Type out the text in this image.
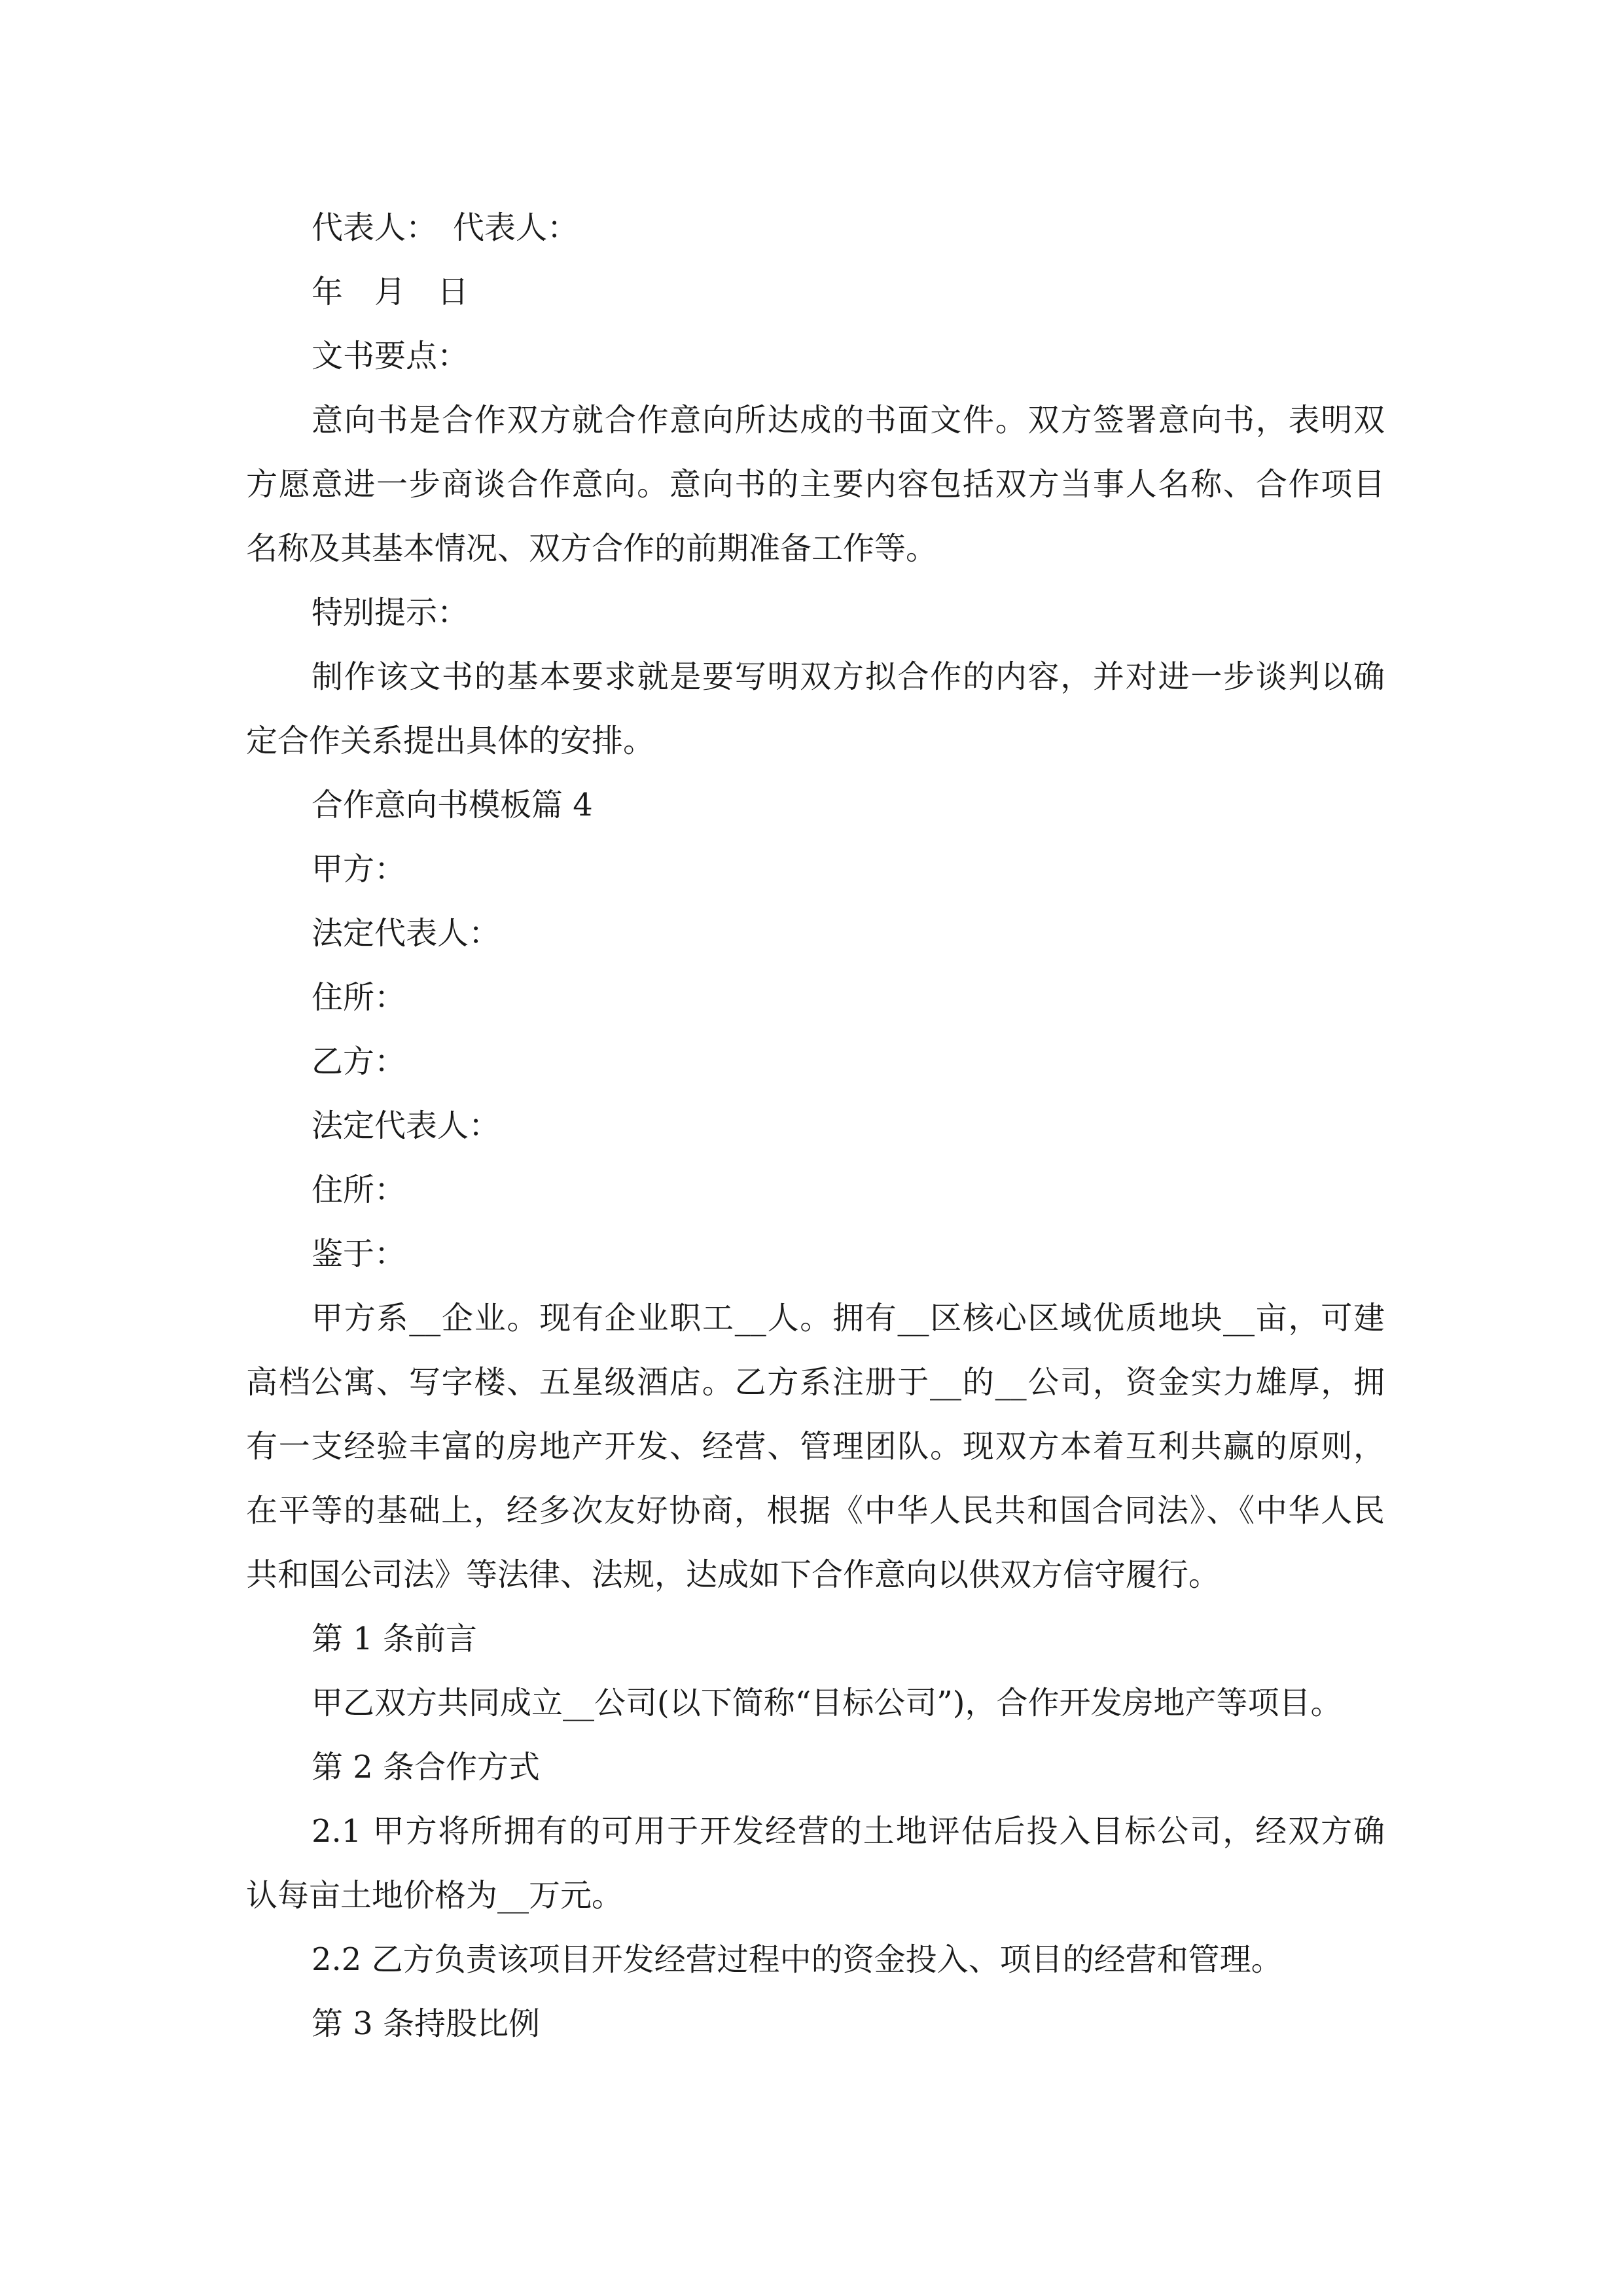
代表人：　代表人：
年　月　日
文书要点：
意向书是合作双方就合作意向所达成的书面文件。双方签署意向书，表明双
方愿意进一步商谈合作意向。意向书的主要内容包括双方当事人名称、合作项目
名称及其基本情况、双方合作的前期准备工作等。
特别提示：
制作该文书的基本要求就是要写明双方拟合作的内容，并对进一步谈判以确
定合作关系提出具体的安排。
合作意向书模板篇 4
甲方：
法定代表人：
住所：
乙方：
法定代表人：
住所：
鉴于：
甲方系__企业。现有企业职工__人。拥有__区核心区域优质地块__亩，可建
高档公寓、写字楼、五星级酒店。乙方系注册于__的__公司，资金实力雄厚，拥
有一支经验丰富的房地产开发、经营、管理团队。现双方本着互利共赢的原则，
在平等的基础上，经多次友好协商，根据《中华人民共和国合同法》、《中华人民
共和国公司法》等法律、法规，达成如下合作意向以供双方信守履行。
第 1 条前言
甲乙双方共同成立__公司(以下简称“目标公司”)，合作开发房地产等项目。
第 2 条合作方式
2.1 甲方将所拥有的可用于开发经营的土地评估后投入目标公司，经双方确
认每亩土地价格为__万元。
2.2 乙方负责该项目开发经营过程中的资金投入、项目的经营和管理。
第 3 条持股比例
